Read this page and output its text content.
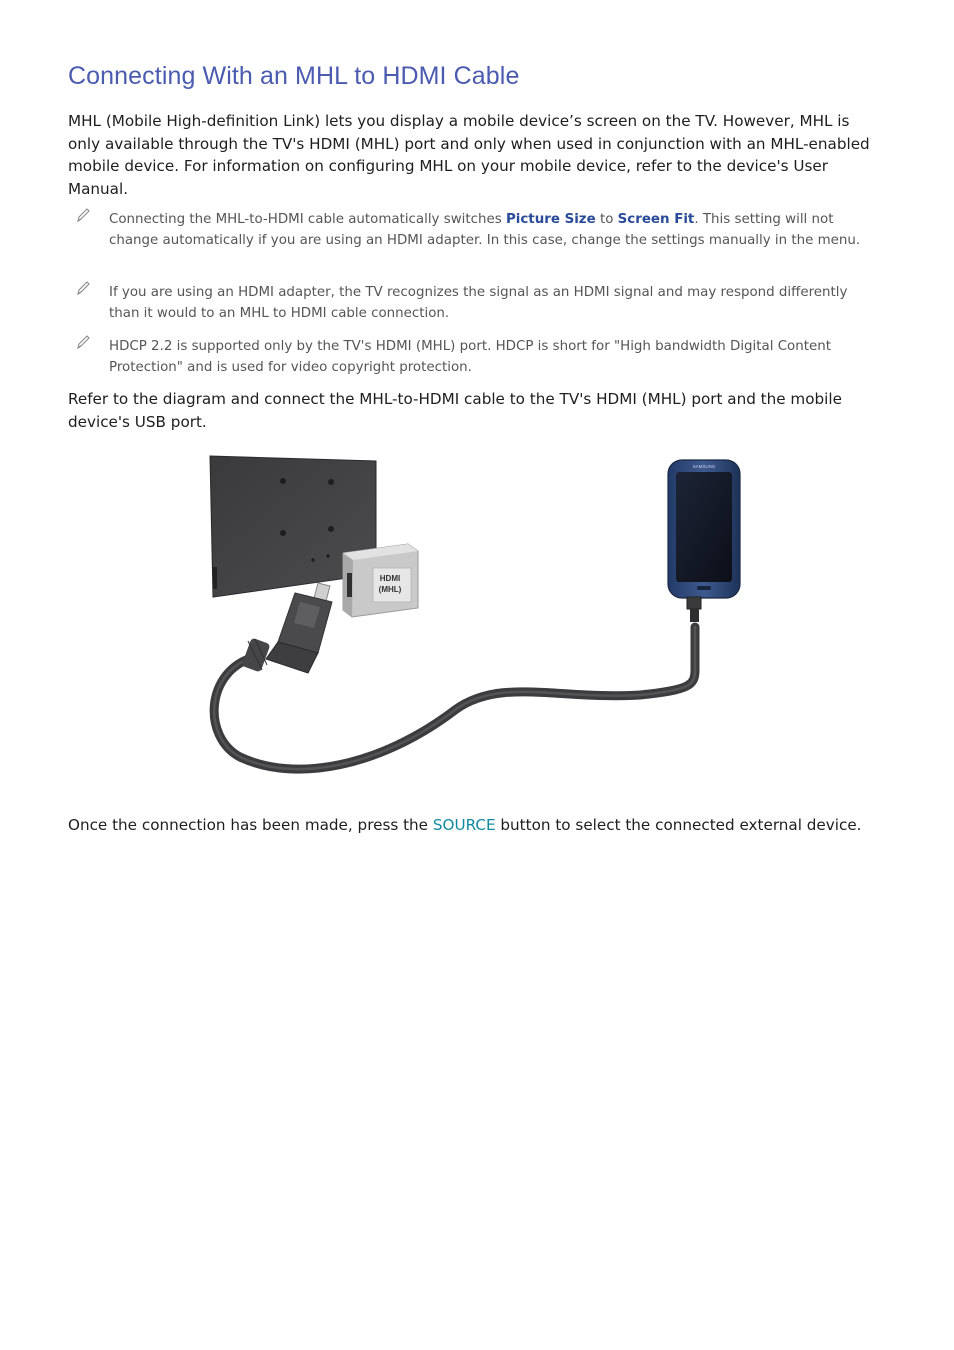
Connecting With an MHL to HDMI Cable

MHL (Mobile High-definition Link) lets you display a mobile device’s screen on the TV. However, MHL is only available through the TV's HDMI (MHL) port and only when used in conjunction with an MHL-enabled mobile device. For information on configuring MHL on your mobile device, refer to the device's User Manual.

Connecting the MHL-to-HDMI cable automatically switches Picture Size to Screen Fit. This setting will not change automatically if you are using an HDMI adapter. In this case, change the settings manually in the menu.

If you are using an HDMI adapter, the TV recognizes the signal as an HDMI signal and may respond differently than it would to an MHL to HDMI cable connection.

HDCP 2.2 is supported only by the TV's HDMI (MHL) port. HDCP is short for "High bandwidth Digital Content Protection" and is used for video copyright protection.

Refer to the diagram and connect the MHL-to-HDMI cable to the TV's HDMI (MHL) port and the mobile device's USB port.

HDMI
(MHL)
SAMSUNG

Once the connection has been made, press the SOURCE button to select the connected external device.
